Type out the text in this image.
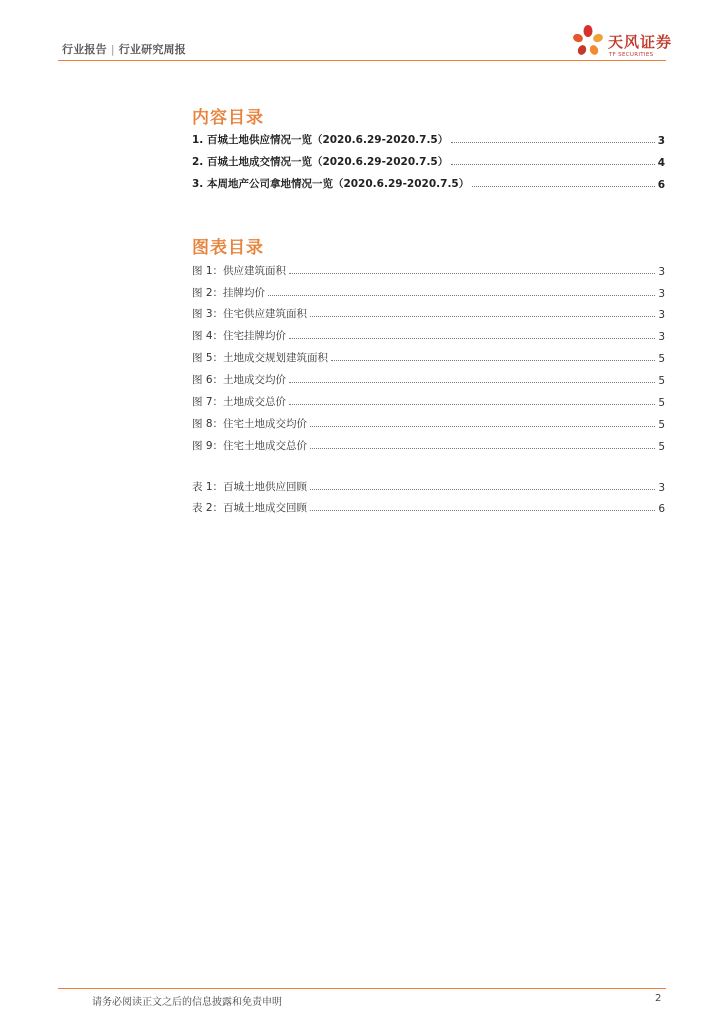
行业报告 | 行业研究周报	天风证券
TF SECURITIES
内容目录
1. 百城土地供应情况一览（2020.6.29-2020.7.5）	3
2. 百城土地成交情况一览（2020.6.29-2020.7.5）	4
3. 本周地产公司拿地情况一览（2020.6.29-2020.7.5）	6
图表目录
图 1：供应建筑面积	3
图 2：挂牌均价	3
图 3：住宅供应建筑面积	3
图 4：住宅挂牌均价	3
图 5：土地成交规划建筑面积	5
图 6：土地成交均价	5
图 7：土地成交总价	5
图 8：住宅土地成交均价	5
图 9：住宅土地成交总价	5
表 1：百城土地供应回顾	3
表 2：百城土地成交回顾	6
请务必阅读正文之后的信息披露和免责申明	2
